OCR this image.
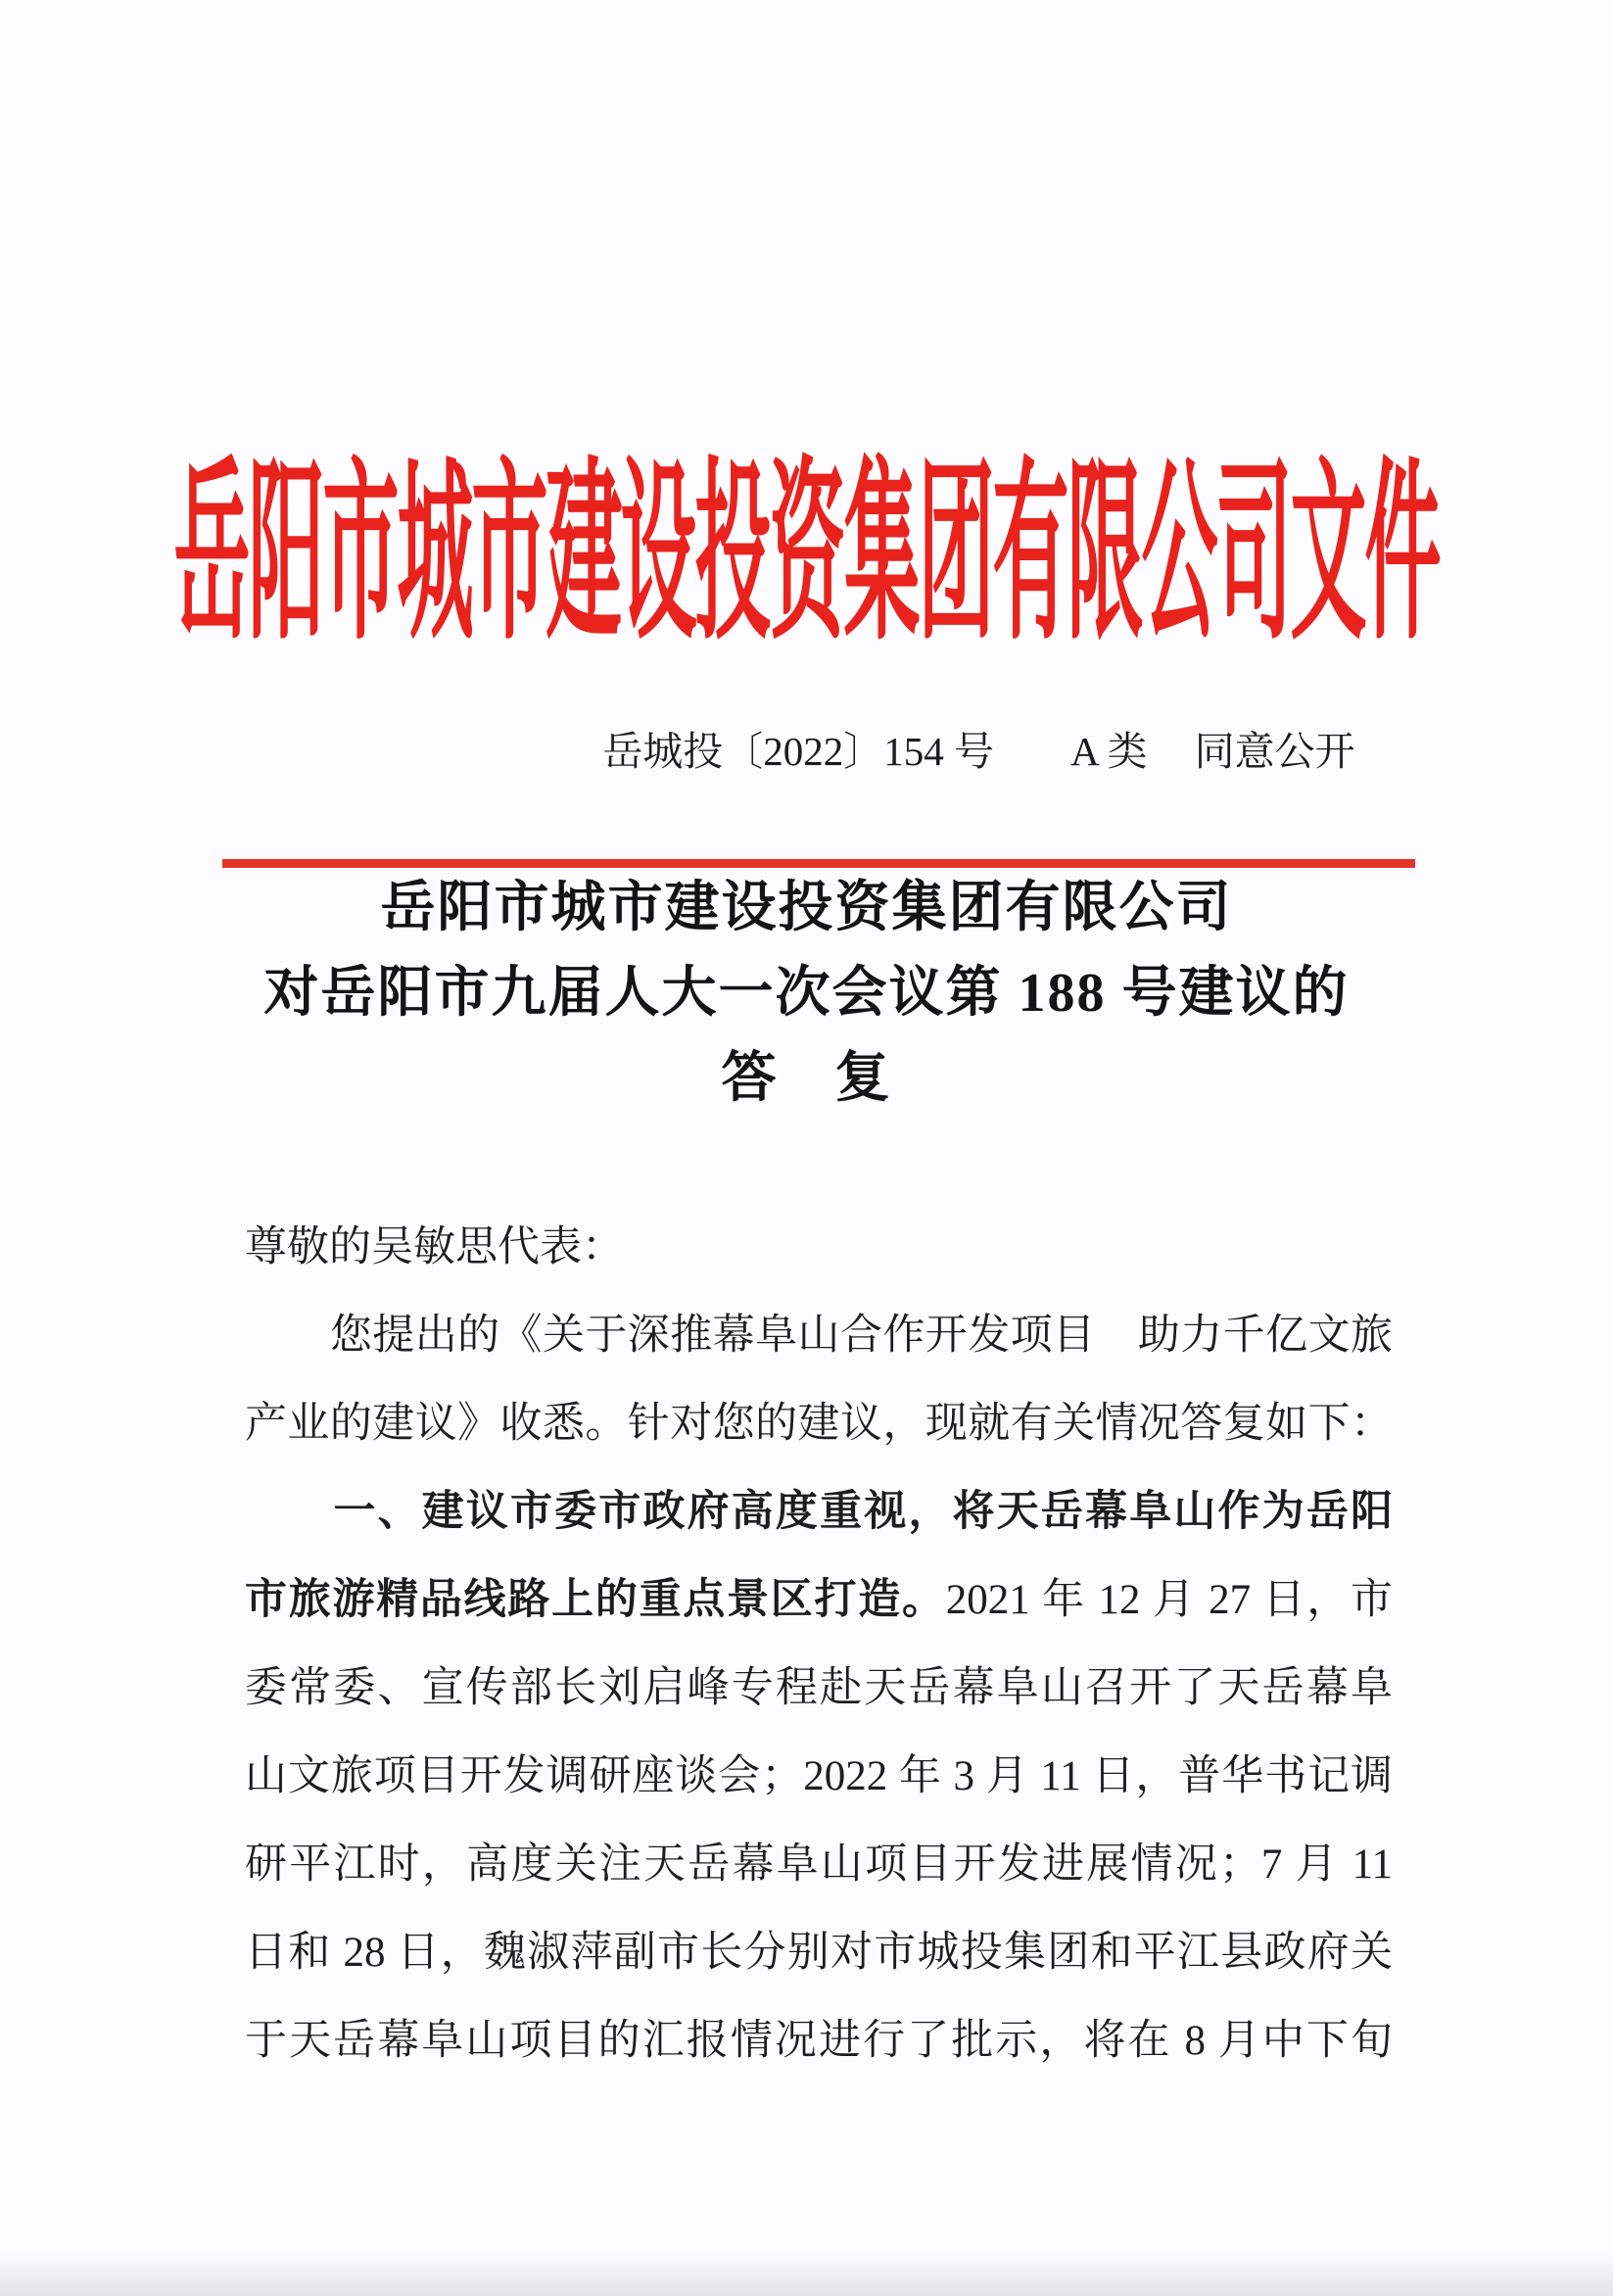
岳阳市城市建设投资集团有限公司文件
岳城投〔2022〕154 号 A 类 同意公开
岳阳市城市建设投资集团有限公司
对岳阳市九届人大一次会议第 188 号建议的
答　复
尊敬的吴敏思代表：
　　您提出的《关于深推幕阜山合作开发项目　助力千亿文旅
产业的建议》收悉。针对您的建议，现就有关情况答复如下：
　　一、建议市委市政府高度重视，将天岳幕阜山作为岳阳
市旅游精品线路上的重点景区打造。2021 年 12 月 27 日，市
委常委、宣传部长刘启峰专程赴天岳幕阜山召开了天岳幕阜
山文旅项目开发调研座谈会；2022 年 3 月 11 日，普华书记调
研平江时，高度关注天岳幕阜山项目开发进展情况；7 月 11
日和 28 日，魏淑萍副市长分别对市城投集团和平江县政府关
于天岳幕阜山项目的汇报情况进行了批示，将在 8 月中下旬
